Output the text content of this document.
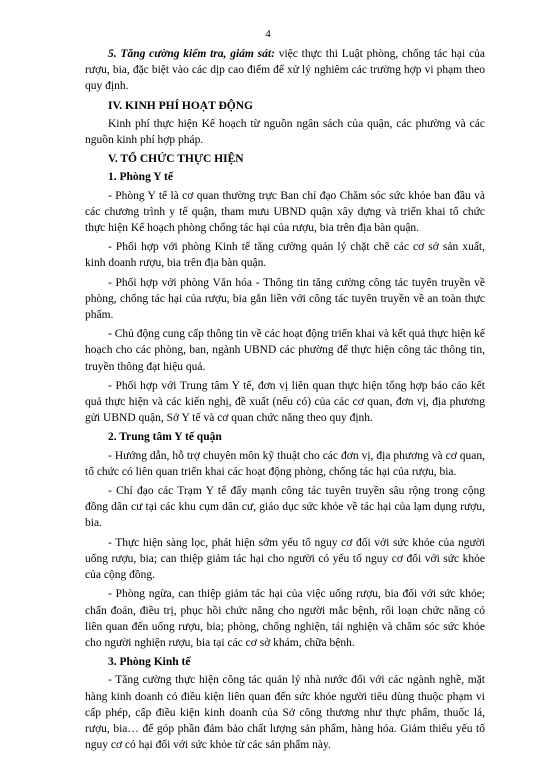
4

5. Tăng cường kiểm tra, giám sát: việc thực thi Luật phòng, chống tác hại của rượu, bia, đặc biệt vào các dịp cao điểm để xử lý nghiêm các trường hợp vi phạm theo quy định.

IV. KINH PHÍ HOẠT ĐỘNG

Kinh phí thực hiện Kế hoạch từ nguồn ngân sách của quận, các phường và các nguồn kinh phí hợp pháp.

V. TỔ CHỨC THỰC HIỆN

1. Phòng Y tế

- Phòng Y tế là cơ quan thường trực Ban chỉ đạo Chăm sóc sức khỏe ban đầu và các chương trình y tế quận, tham mưu UBND quận xây dựng và triển khai tổ chức thực hiện Kế hoạch phòng chống tác hại của rượu, bia trên địa bàn quận.

- Phối hợp với phòng Kinh tế tăng cường quản lý chặt chẽ các cơ sở sản xuất, kinh doanh rượu, bia trên địa bàn quận.

- Phối hợp với phòng Văn hóa - Thông tin tăng cường công tác tuyên truyền về phòng, chống tác hại của rượu, bia gắn liền với công tác tuyên truyền về an toàn thực phẩm.

- Chủ động cung cấp thông tin về các hoạt động triển khai và kết quả thực hiện kế hoạch cho các phòng, ban, ngành UBND các phường để thực hiện công tác thông tin, truyền thông đạt hiệu quả.

- Phối hợp với Trung tâm Y tế, đơn vị liên quan thực hiện tổng hợp báo cáo kết quả thực hiện và các kiến nghị, đề xuất (nếu có) của các cơ quan, đơn vị, địa phương gửi UBND quận, Sở Y tế và cơ quan chức năng theo quy định.

2. Trung tâm Y tế quận

- Hướng dẫn, hỗ trợ chuyên môn kỹ thuật cho các đơn vị, địa phương và cơ quan, tổ chức có liên quan triển khai các hoạt động phòng, chống tác hại của rượu, bia.

- Chỉ đạo các Trạm Y tế đẩy mạnh công tác tuyên truyền sâu rộng trong cộng đồng dân cư tại các khu cụm dân cư, giáo dục sức khỏe về tác hại của lạm dụng rượu, bia.

- Thực hiện sàng lọc, phát hiện sớm yếu tố nguy cơ đối với sức khỏe của người uống rượu, bia; can thiệp giảm tác hại cho người có yếu tố nguy cơ đối với sức khỏe của cộng đồng.

- Phòng ngừa, can thiệp giảm tác hại của việc uống rượu, bia đối với sức khỏe; chẩn đoán, điều trị, phục hồi chức năng cho người mắc bệnh, rối loạn chức năng có liên quan đến uống rượu, bia; phòng, chống nghiện, tái nghiện và chăm sóc sức khỏe cho người nghiện rượu, bia tại các cơ sở khám, chữa bệnh.

3. Phòng Kinh tế

- Tăng cường thực hiện công tác quản lý nhà nước đối với các ngành nghề, mặt hàng kinh doanh có điều kiện liên quan đến sức khỏe người tiêu dùng thuộc phạm vi cấp phép, cấp điều kiện kinh doanh của Sở công thương như thực phẩm, thuốc lá, rượu, bia… để góp phần đảm bảo chất lượng sản phẩm, hàng hóa. Giảm thiểu yếu tố nguy cơ có hại đối với sức khỏe từ các sản phẩm này.
